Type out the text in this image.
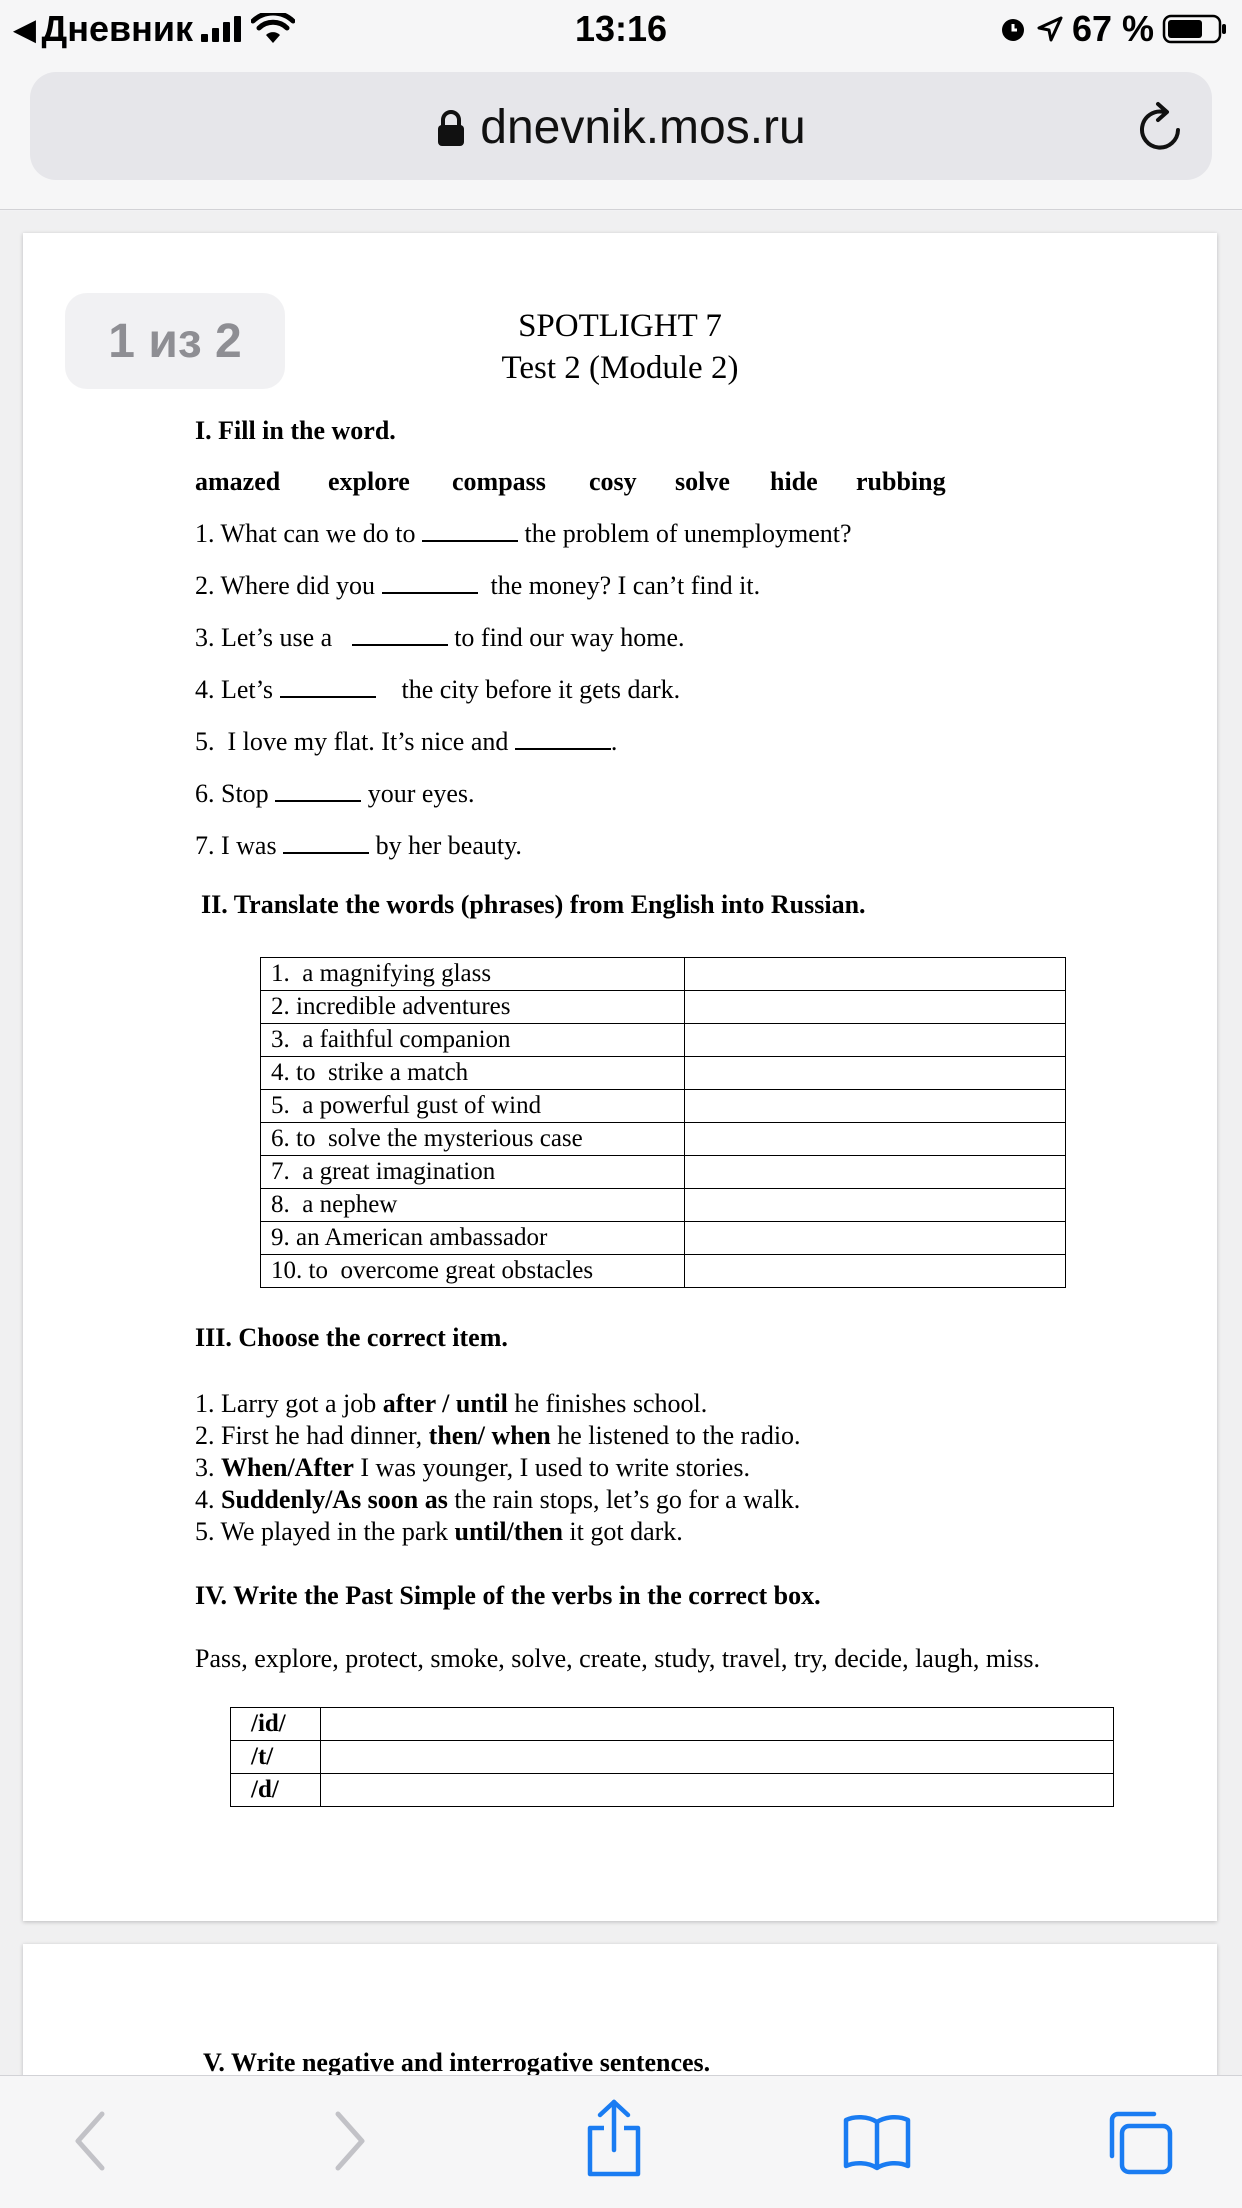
◀ Дневник	13:16	67 %
dnevnik.mos.ru
1 из 2	SPOTLIGHT 7
Test 2 (Module 2)
I. Fill in the word.
amazed explore compass cosy solve hide rubbing
1. What can we do to	the problem of unemployment?
2. Where did you	the money? I can’t find it.
3. Let’s use a	to find our way home.
4. Let’s	the city before it gets dark.
5.  I love my flat. It’s nice and	.
6. Stop	your eyes.
7. I was	by her beauty.
II. Translate the words (phrases) from English into Russian.
1.  a magnifying glass	
2. incredible adventures	
3.  a faithful companion	
4. to  strike a match	
5.  a powerful gust of wind	
6. to  solve the mysterious case	
7.  a great imagination	
8.  a nephew	
9. an American ambassador	
10. to  overcome great obstacles	
III. Choose the correct item.
1. Larry got a job after / until he finishes school.
2. First he had dinner, then/ when he listened to the radio.
3. When/After I was younger, I used to write stories.
4. Suddenly/As soon as the rain stops, let’s go for a walk.
5. We played in the park until/then it got dark.
IV. Write the Past Simple of the verbs in the correct box.
Pass, explore, protect, smoke, solve, create, study, travel, try, decide, laugh, miss.
/id/	
/t/	
/d/	
V. Write negative and interrogative sentences.
